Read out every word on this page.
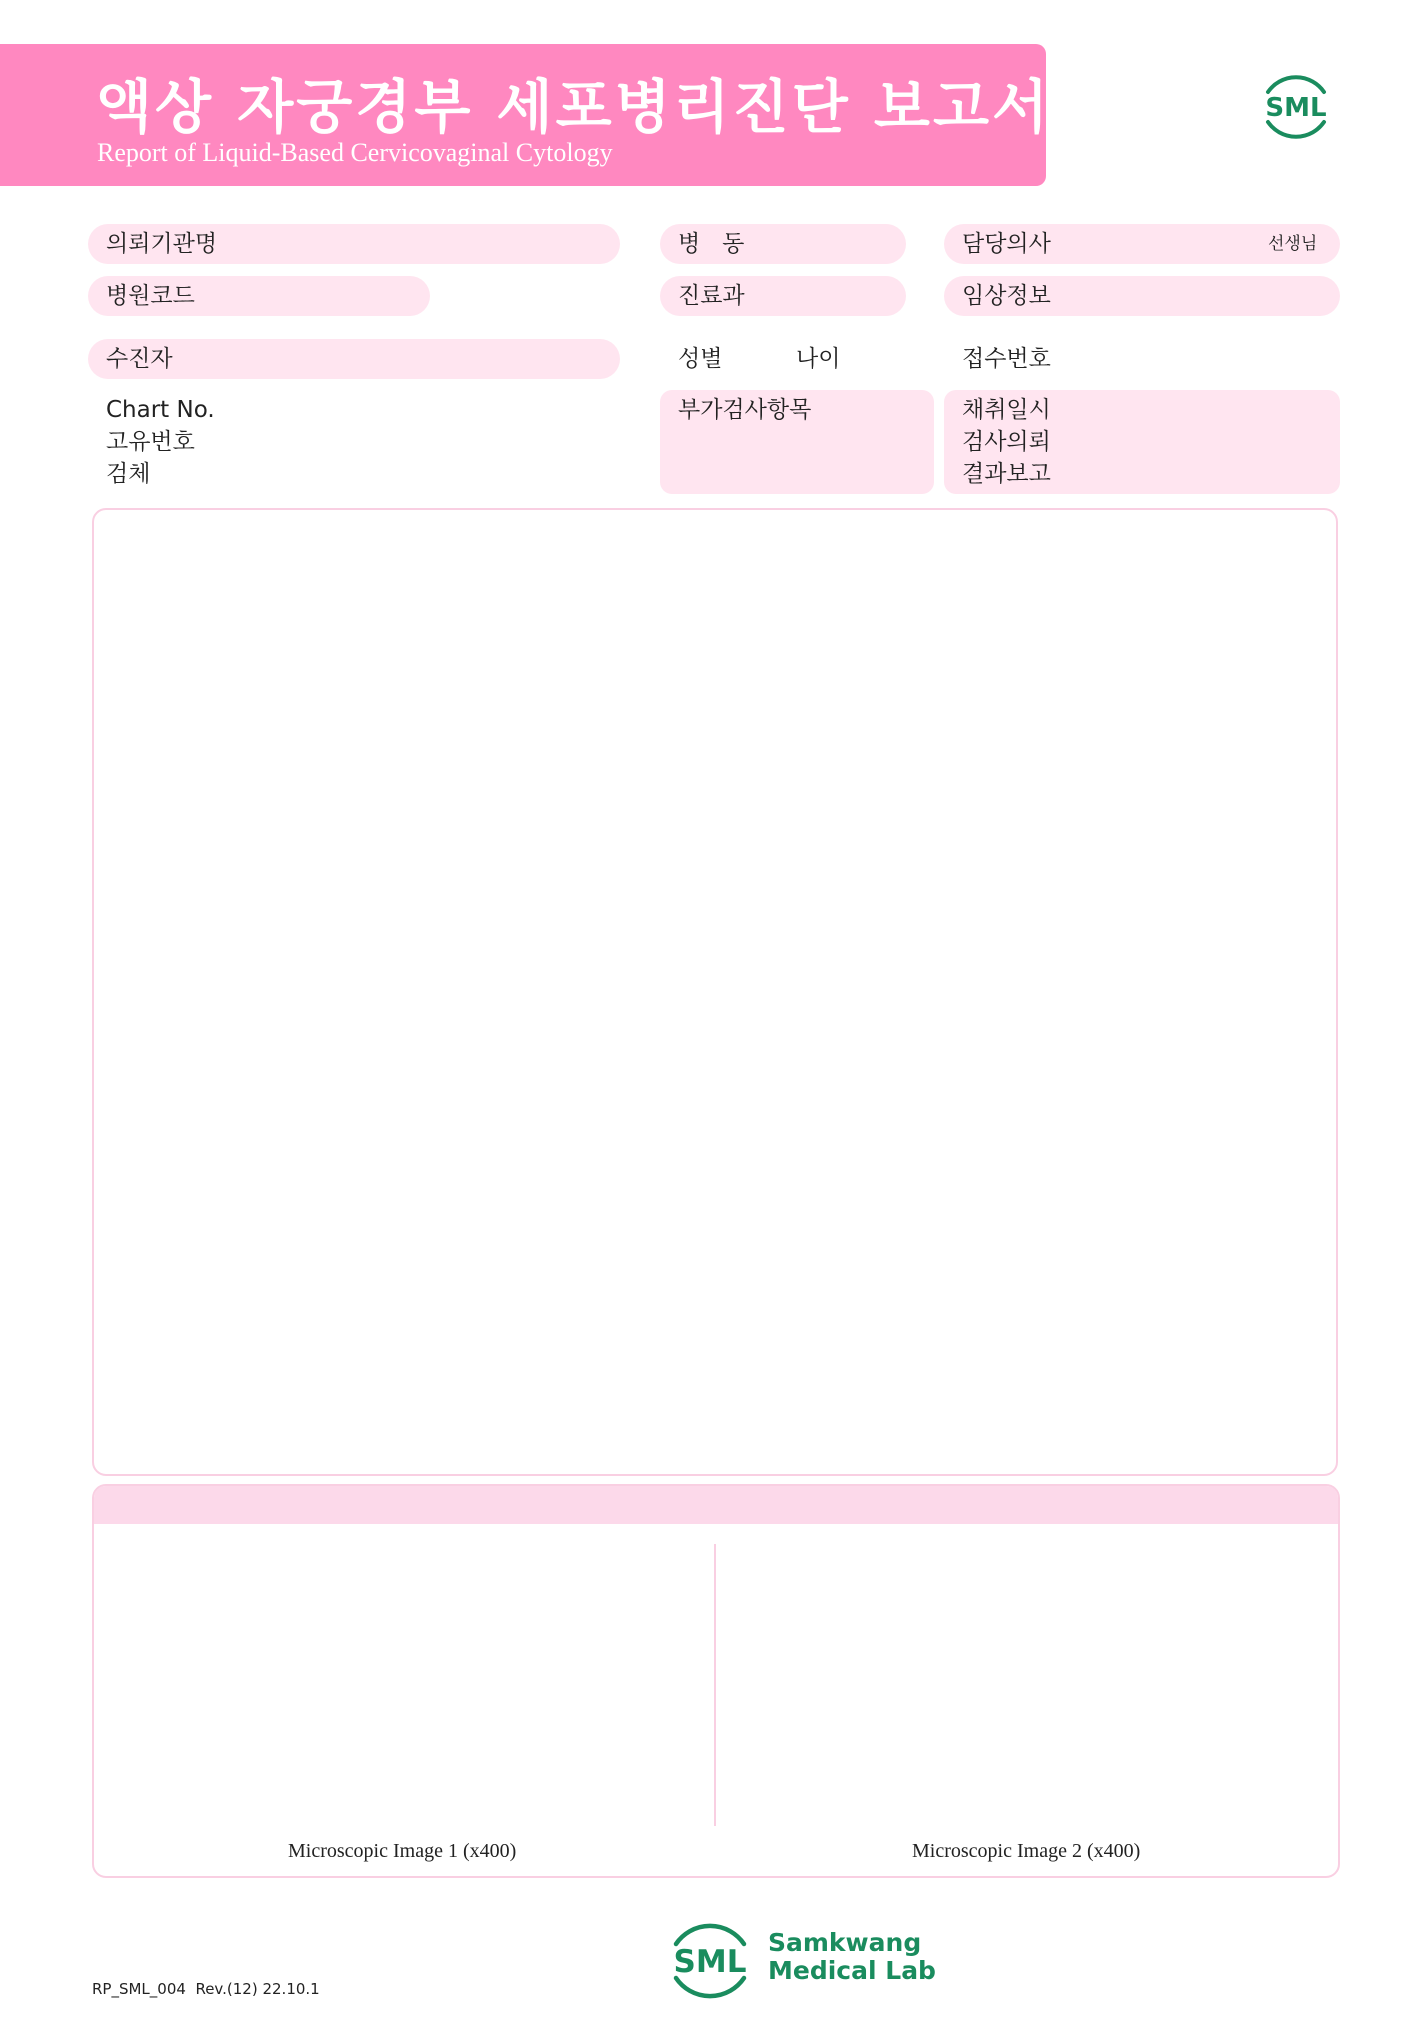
액상 자궁경부 세포병리진단 보고서
Report of Liquid-Based Cervicovaginal Cytology
SML
의뢰기관명	병   동	담당의사	선생님
병원코드	진료과	임상정보
수진자	성별	나이	접수번호
Chart No.
고유번호
검체
부가검사항목	채취일시
검사의뢰
결과보고
Microscopic Image 1 (x400)	Microscopic Image 2 (x400)
SML
Samkwang
Medical Lab
RP_SML_004  Rev.(12) 22.10.1
